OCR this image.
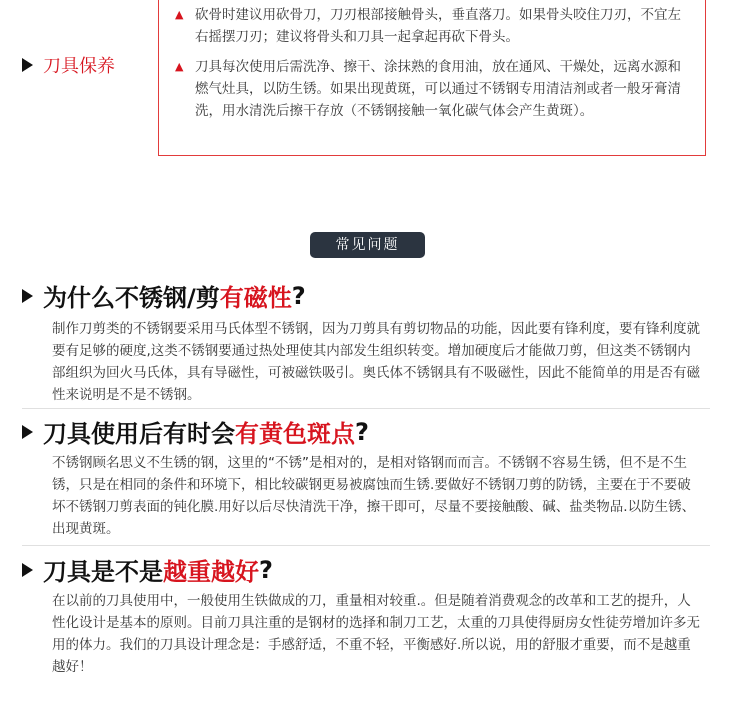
刀具保养
▲ 砍骨时建议用砍骨刀，刀刃根部接触骨头，垂直落刀。如果骨头咬住刀刃，不宜左右摇摆刀刃；建议将骨头和刀具一起拿起再砍下骨头。
▲ 刀具每次使用后需洗净、擦干、涂抹熟的食用油，放在通风、干燥处，远离水源和燃气灶具，以防生锈。如果出现黄斑，可以通过不锈钢专用清洁剂或者一般牙膏清洗，用水清洗后擦干存放（不锈钢接触一氧化碳气体会产生黄斑）。
常见问题
为什么不锈钢/剪 有磁性 ?
制作刀剪类的不锈钢要采用马氏体型不锈钢，因为刀剪具有剪切物品的功能，因此要有锋利度，要有锋利度就要有足够的硬度,这类不锈钢要通过热处理使其内部发生组织转变。增加硬度后才能做刀剪，但这类不锈钢内部组织为回火马氏体，具有导磁性，可被磁铁吸引。奥氏体不锈钢具有不吸磁性，因此不能简单的用是否有磁性来说明是不是不锈钢。
刀具使用后有时会 有黄色斑点 ?
不锈钢顾名思义不生锈的钢，这里的“不锈”是相对的，是相对铬钢而而言。不锈钢不容易生锈，但不是不生锈，只是在相同的条件和环境下，相比较碳钢更易被腐蚀而生锈.要做好不锈钢刀剪的防锈，主要在于不要破坏不锈钢刀剪表面的钝化膜.用好以后尽快清洗干净，擦干即可，尽量不要接触酸、碱、盐类物品.以防生锈、出现黄斑。
刀具是不是 越重越好 ?
在以前的刀具使用中，一般使用生铁做成的刀，重量相对较重.。但是随着消费观念的改革和工艺的提升，人性化设计是基本的原则。目前刀具注重的是钢材的选择和制刀工艺，太重的刀具使得厨房女性徒劳增加许多无用的体力。我们的刀具设计理念是：手感舒适，不重不轻，平衡感好.所以说，用的舒服才重要，而不是越重越好！
